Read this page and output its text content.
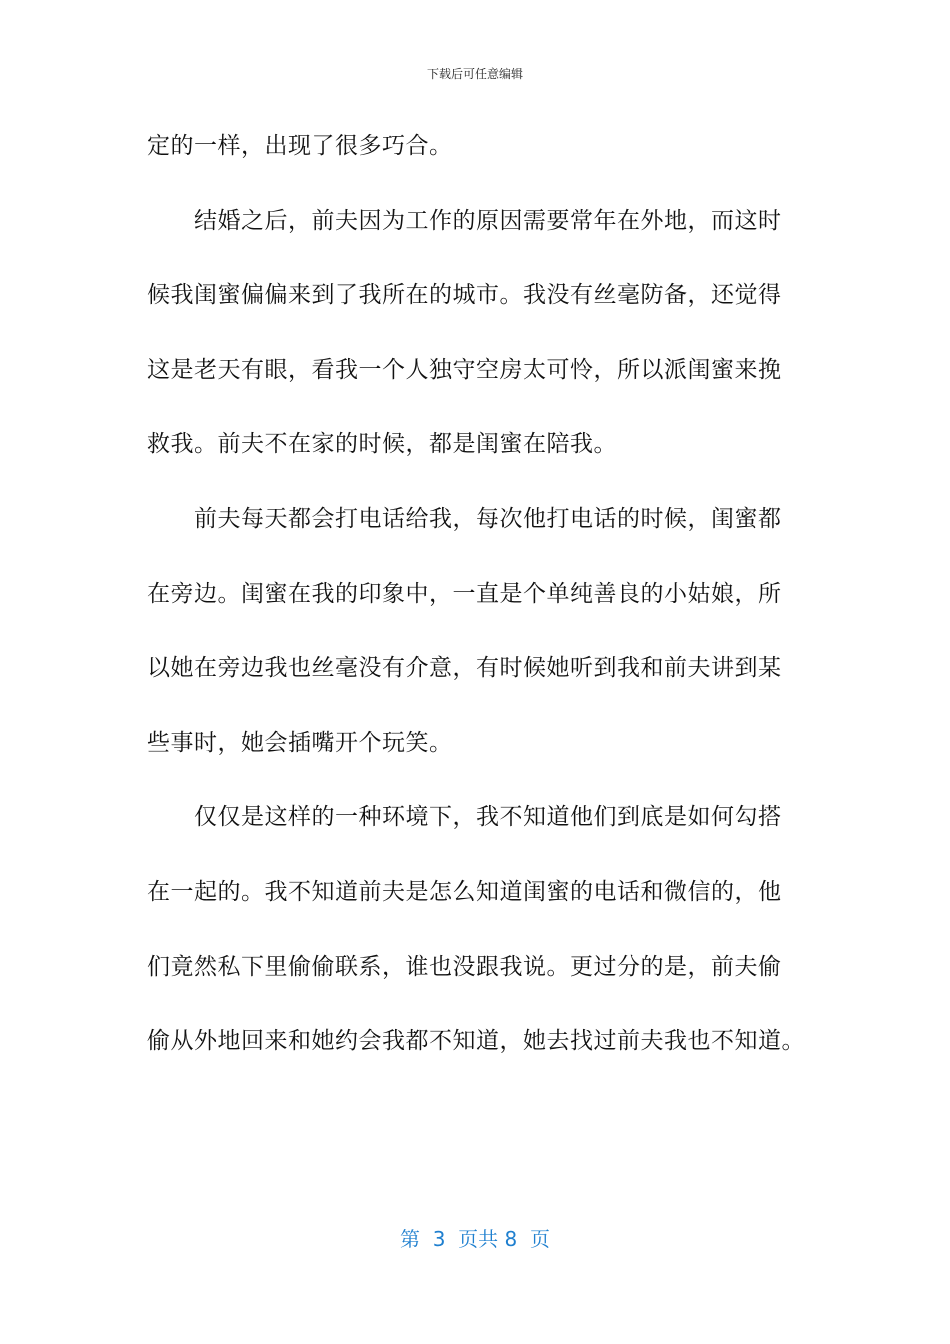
下载后可任意编辑
定的一样，出现了很多巧合。
结婚之后，前夫因为工作的原因需要常年在外地，而这时
候我闺蜜偏偏来到了我所在的城市。我没有丝毫防备，还觉得
这是老天有眼，看我一个人独守空房太可怜，所以派闺蜜来挽
救我。前夫不在家的时候，都是闺蜜在陪我。
前夫每天都会打电话给我，每次他打电话的时候，闺蜜都
在旁边。闺蜜在我的印象中，一直是个单纯善良的小姑娘，所
以她在旁边我也丝毫没有介意，有时候她听到我和前夫讲到某
些事时，她会插嘴开个玩笑。
仅仅是这样的一种环境下，我不知道他们到底是如何勾搭
在一起的。我不知道前夫是怎么知道闺蜜的电话和微信的，他
们竟然私下里偷偷联系，谁也没跟我说。更过分的是，前夫偷
偷从外地回来和她约会我都不知道，她去找过前夫我也不知道。
第  3  页共 8  页
